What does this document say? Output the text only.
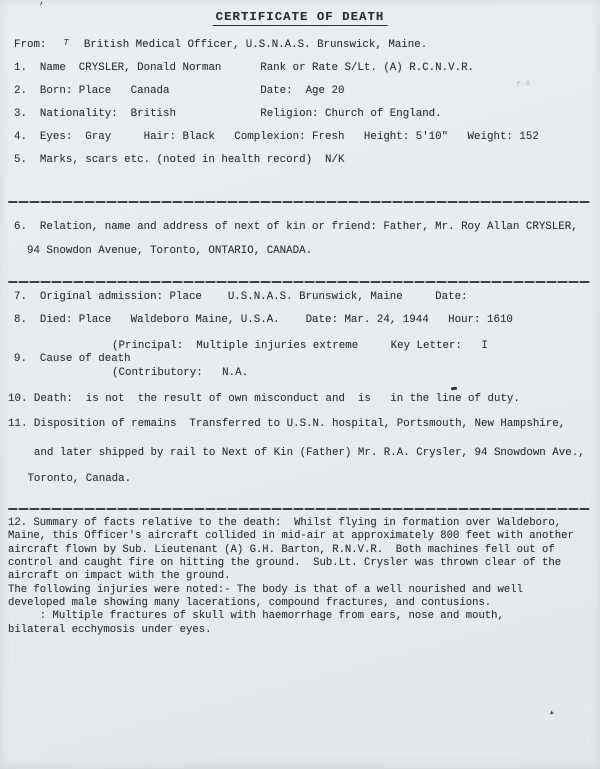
’
CERTIFICATE OF DEATH
From: T British Medical Officer, U.S.N.A.S. Brunswick, Maine.
f-a
1.  Name  CRYSLER, Donald Norman      Rank or Rate S/Lt. (A) R.C.N.V.R.
2.  Born: Place   Canada              Date:  Age 20
3.  Nationality:  British             Religion: Church of England.
4.  Eyes:  Gray     Hair: Black   Complexion: Fresh   Height: 5'10"   Weight: 152
5.  Marks, scars etc. (noted in health record)  N/K
6.  Relation, name and address of next of kin or friend: Father, Mr. Roy Allan CRYSLER,
94 Snowdon Avenue, Toronto, ONTARIO, CANADA.
7.  Original admission: Place    U.S.N.A.S. Brunswick, Maine     Date:
8.  Died: Place   Waldeboro Maine, U.S.A.    Date: Mar. 24, 1944   Hour: 1610
(Principal:  Multiple injuries extreme     Key Letter:   I
9.  Cause of death
(Contributory:   N.A.
10. Death:  is not  the result of own misconduct and  is   in the line of duty.
11. Disposition of remains  Transferred to U.S.N. hospital, Portsmouth, New Hampshire,
and later shipped by rail to Next of Kin (Father) Mr. R.A. Crysler, 94 Snowdown Ave.,
Toronto, Canada.
12. Summary of facts relative to the death:  Whilst flying in formation over Waldeboro,
Maine, this Officer's aircraft collided in mid-air at approximately 800 feet with another
aircraft flown by Sub. Lieutenant (A) G.H. Barton, R.N.V.R.  Both machines fell out of
control and caught fire on hitting the ground.  Sub.Lt. Crysler was thrown clear of the
aircraft on impact with the ground.
The following injuries were noted:- The body is that of a well nourished and well
developed male showing many lacerations, compound fractures, and contusions.
: Multiple fractures of skull with haemorrhage from ears, nose and mouth,
bilateral ecchymosis under eyes.
➤
